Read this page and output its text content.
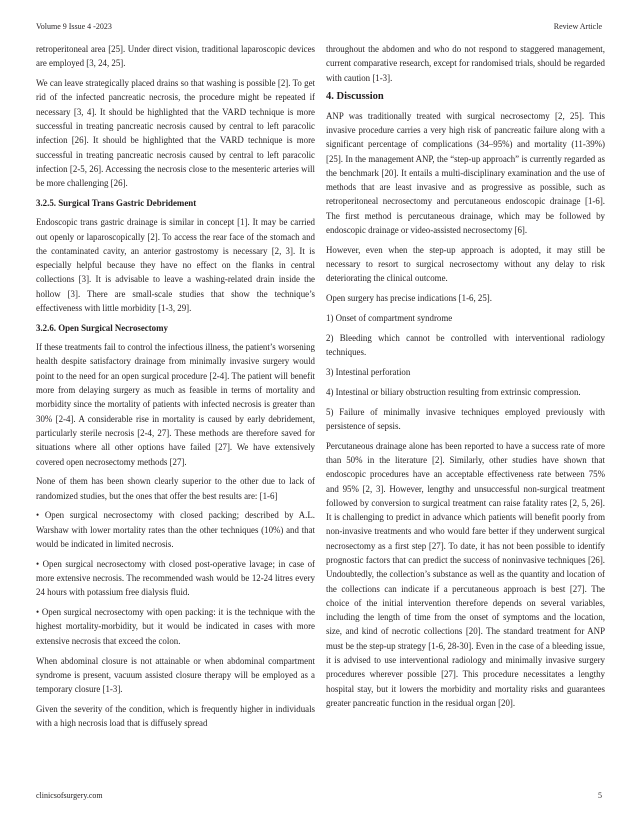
Volume 9 Issue 4 -2023	Review Article

retroperitoneal area [25]. Under direct vision, traditional laparoscopic devices are employed [3, 24, 25].

We can leave strategically placed drains so that washing is possible [2]. To get rid of the infected pancreatic necrosis, the procedure might be repeated if necessary [3, 4]. It should be highlighted that the VARD technique is more successful in treating pancreatic necrosis caused by central to left paracolic infection [26]. It should be highlighted that the VARD technique is more successful in treating pancreatic necrosis caused by central to left paracolic infection [2-5, 26]. Accessing the necrosis close to the mesenteric arteries will be more challenging [26].

3.2.5. Surgical Trans Gastric Debridement

Endoscopic trans gastric drainage is similar in concept [1]. It may be carried out openly or laparoscopically [2]. To access the rear face of the stomach and the contaminated cavity, an anterior gastrostomy is necessary [2, 3]. It is especially helpful because they have no effect on the flanks in central collections [3]. It is advisable to leave a washing-related drain inside the hollow [3]. There are small-scale studies that show the technique’s effectiveness with little morbidity [1-3, 29].

3.2.6. Open Surgical Necrosectomy

If these treatments fail to control the infectious illness, the patient’s worsening health despite satisfactory drainage from minimally invasive surgery would point to the need for an open surgical procedure [2-4]. The patient will benefit more from delaying surgery as much as feasible in terms of mortality and morbidity since the mortality of patients with infected necrosis is greater than 30% [2-4]. A considerable rise in mortality is caused by early debridement, particularly sterile necrosis [2-4, 27]. These methods are therefore saved for situations where all other options have failed [27]. We have extensively covered open necrosectomy methods [27].

None of them has been shown clearly superior to the other due to lack of randomized studies, but the ones that offer the best results are: [1-6]

• Open surgical necrosectomy with closed packing; described by A.L. Warshaw with lower mortality rates than the other techniques (10%) and that would be indicated in limited necrosis.

• Open surgical necrosectomy with closed post-operative lavage; in case of more extensive necrosis. The recommended wash would be 12-24 litres every 24 hours with potassium free dialysis fluid.

• Open surgical necrosectomy with open packing: it is the technique with the highest mortality-morbidity, but it would be indicated in cases with more extensive necrosis that exceed the colon.

When abdominal closure is not attainable or when abdominal compartment syndrome is present, vacuum assisted closure therapy will be employed as a temporary closure [1-3].

Given the severity of the condition, which is frequently higher in individuals with a high necrosis load that is diffusely spread

throughout the abdomen and who do not respond to staggered management, current comparative research, except for randomised trials, should be regarded with caution [1-3].

4. Discussion

ANP was traditionally treated with surgical necrosectomy [2, 25]. This invasive procedure carries a very high risk of pancreatic failure along with a significant percentage of complications (34–95%) and mortality (11-39%) [25]. In the management ANP, the “step-up approach” is currently regarded as the benchmark [20]. It entails a multi-disciplinary examination and the use of methods that are least invasive and as progressive as possible, such as retroperitoneal necrosectomy and percutaneous endoscopic drainage [1-6]. The first method is percutaneous drainage, which may be followed by endoscopic drainage or video-assisted necrosectomy [6].

However, even when the step-up approach is adopted, it may still be necessary to resort to surgical necrosectomy without any delay to risk deteriorating the clinical outcome.

Open surgery has precise indications [1-6, 25].

1) Onset of compartment syndrome

2) Bleeding which cannot be controlled with interventional radiology techniques.

3) Intestinal perforation

4) Intestinal or biliary obstruction resulting from extrinsic compression.

5) Failure of minimally invasive techniques employed previously with persistence of sepsis.

Percutaneous drainage alone has been reported to have a success rate of more than 50% in the literature [2]. Similarly, other studies have shown that endoscopic procedures have an acceptable effectiveness rate between 75% and 95% [2, 3]. However, lengthy and unsuccessful non-surgical treatment followed by conversion to surgical treatment can raise fatality rates [2, 5, 26]. It is challenging to predict in advance which patients will benefit poorly from non-invasive treatments and who would fare better if they underwent surgical necrosectomy as a first step [27]. To date, it has not been possible to identify prognostic factors that can predict the success of noninvasive techniques [26]. Undoubtedly, the collection’s substance as well as the quantity and location of the collections can indicate if a percutaneous approach is best [27]. The choice of the initial intervention therefore depends on several variables, including the length of time from the onset of symptoms and the location, size, and kind of necrotic collections [20]. The standard treatment for ANP must be the step-up strategy [1-6, 28-30]. Even in the case of a bleeding issue, it is advised to use interventional radiology and minimally invasive surgery procedures wherever possible [27]. This procedure necessitates a lengthy hospital stay, but it lowers the morbidity and mortality risks and guarantees greater pancreatic function in the residual organ [20].

clinicsofsurgery.com	5
